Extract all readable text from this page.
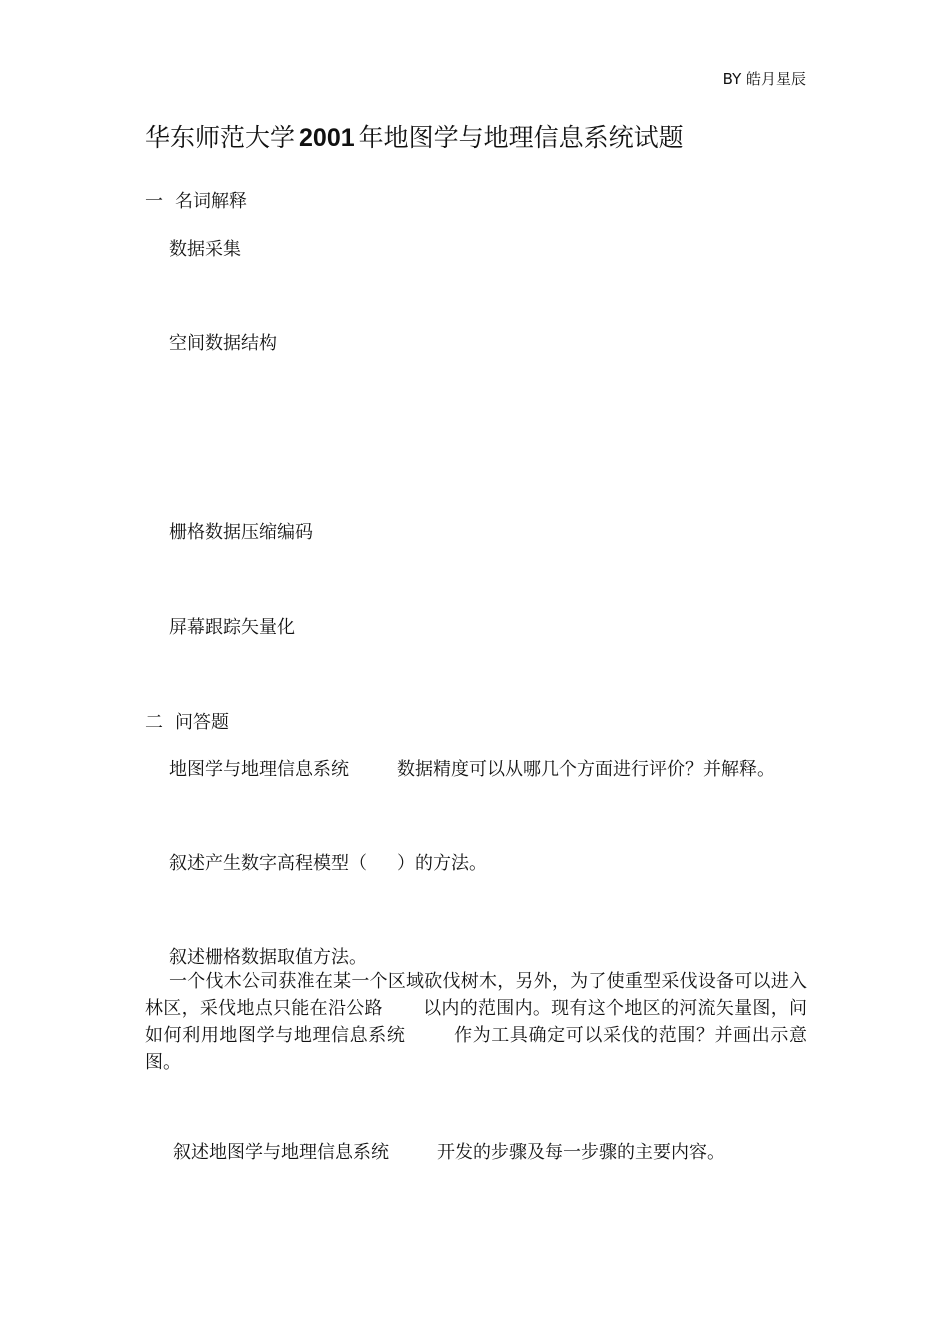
BY 皓月星辰
华东师范大学 2001 年地图学与地理信息系统试题
一 名词解释
数据采集
空间数据结构
栅格数据压缩编码
屏幕跟踪矢量化
二 问答题
地图学与地理信息系统	数据精度可以从哪几个方面进行评价？并解释。
叙述产生数字高程模型（ ）的方法。
叙述栅格数据取值方法。
一个伐木公司获准在某一个区域砍伐树木，另外，为了使重型采伐设备可以进入林区，采伐地点只能在沿公路 以内的范围内。现有这个地区的河流矢量图，问如何利用地图学与地理信息系统	作为工具确定可以采伐的范围？并画出示意图。
叙述地图学与地理信息系统	开发的步骤及每一步骤的主要内容。
